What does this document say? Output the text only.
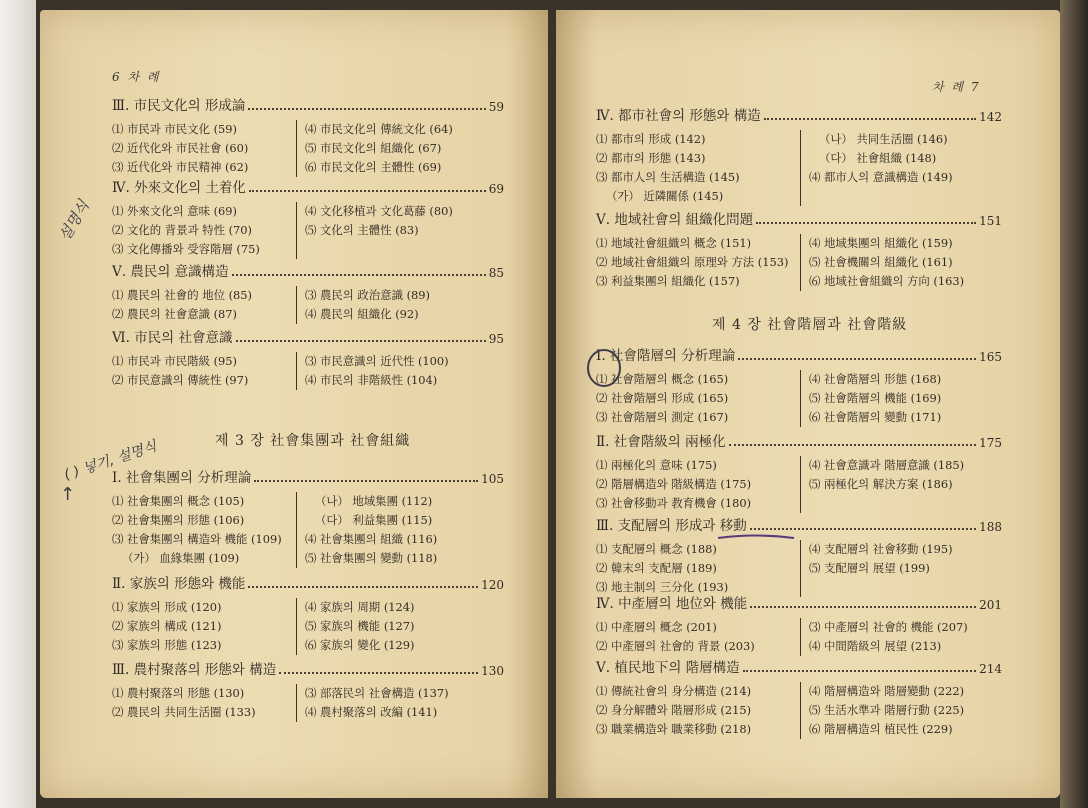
6 차 례
Ⅲ. 市民文化의 形成論	59
⑴ 市民과 市民文化 (59)
⑵ 近代化와 市民社會 (60)
⑶ 近代化와 市民精神 (62)
⑷ 市民文化의 傳統文化 (64)
⑸ 市民文化의 組織化 (67)
⑹ 市民文化의 主體性 (69)
Ⅳ. 外來文化의 土着化	69
⑴ 外來文化의 意味 (69)
⑵ 文化的 背景과 特性 (70)
⑶ 文化傳播와 受容階層 (75)
⑷ 文化移植과 文化葛藤 (80)
⑸ 文化의 主體性 (83)
Ⅴ. 農民의 意識構造	85
⑴ 農民의 社會的 地位 (85)
⑵ 農民의 社會意識 (87)
⑶ 農民의 政治意識 (89)
⑷ 農民의 組織化 (92)
Ⅵ. 市民의 社會意識	95
⑴ 市民과 市民階級 (95)
⑵ 市民意識의 傳統性 (97)
⑶ 市民意識의 近代性 (100)
⑷ 市民의 非階級性 (104)
제 3 장 社會集團과 社會組織
Ⅰ. 社會集團의 分析理論	105
⑴ 社會集團의 概念 (105)
⑵ 社會集團의 形態 (106)
⑶ 社會集團의 構造와 機能 (109)
（가） 血緣集團 (109)
（나） 地域集團 (112)
（다） 利益集團 (115)
⑷ 社會集團의 組織 (116)
⑸ 社會集團의 變動 (118)
Ⅱ. 家族의 形態와 機能	120
⑴ 家族의 形成 (120)
⑵ 家族의 構成 (121)
⑶ 家族의 形態 (123)
⑷ 家族의 周期 (124)
⑸ 家族의 機能 (127)
⑹ 家族의 變化 (129)
Ⅲ. 農村聚落의 形態와 構造	130
⑴ 農村聚落의 形態 (130)
⑵ 農民의 共同生活圈 (133)
⑶ 部落民의 社會構造 (137)
⑷ 農村聚落의 改編 (141)
설명식
( ) 넣기, 설명식
↑
차 례 7
Ⅳ. 都市社會의 形態와 構造	142
⑴ 都市의 形成 (142)
⑵ 都市의 形態 (143)
⑶ 都市人의 生活構造 (145)
（가） 近隣關係 (145)
（나） 共同生活圈 (146)
（다） 社會組織 (148)
⑷ 都市人의 意識構造 (149)
Ⅴ. 地域社會의 組織化問題	151
⑴ 地域社會組織의 概念 (151)
⑵ 地域社會組織의 原理와 方法 (153)
⑶ 利益集團의 組織化 (157)
⑷ 地域集團의 組織化 (159)
⑸ 社會機關의 組織化 (161)
⑹ 地域社會組織의 方向 (163)
제 4 장 社會階層과 社會階級
Ⅰ. 社會階層의 分析理論	165
⑴ 社會階層의 概念 (165)
⑵ 社會階層의 形成 (165)
⑶ 社會階層의 測定 (167)
⑷ 社會階層의 形態 (168)
⑸ 社會階層의 機能 (169)
⑹ 社會階層의 變動 (171)
Ⅱ. 社會階級의 兩極化	175
⑴ 兩極化의 意味 (175)
⑵ 階層構造와 階級構造 (175)
⑶ 社會移動과 教育機會 (180)
⑷ 社會意識과 階層意識 (185)
⑸ 兩極化의 解決方案 (186)
Ⅲ. 支配層의 形成과 移動	188
⑴ 支配層의 概念 (188)
⑵ 韓末의 支配層 (189)
⑶ 地主制의 三分化 (193)
⑷ 支配層의 社會移動 (195)
⑸ 支配層의 展望 (199)
Ⅳ. 中產層의 地位와 機能	201
⑴ 中產層의 概念 (201)
⑵ 中產層의 社會的 背景 (203)
⑶ 中產層의 社會的 機能 (207)
⑷ 中間階級의 展望 (213)
Ⅴ. 植民地下의 階層構造	214
⑴ 傳統社會의 身分構造 (214)
⑵ 身分解體와 階層形成 (215)
⑶ 職業構造와 職業移動 (218)
⑷ 階層構造와 階層變動 (222)
⑸ 生活水準과 階層行動 (225)
⑹ 階層構造의 植民性 (229)
